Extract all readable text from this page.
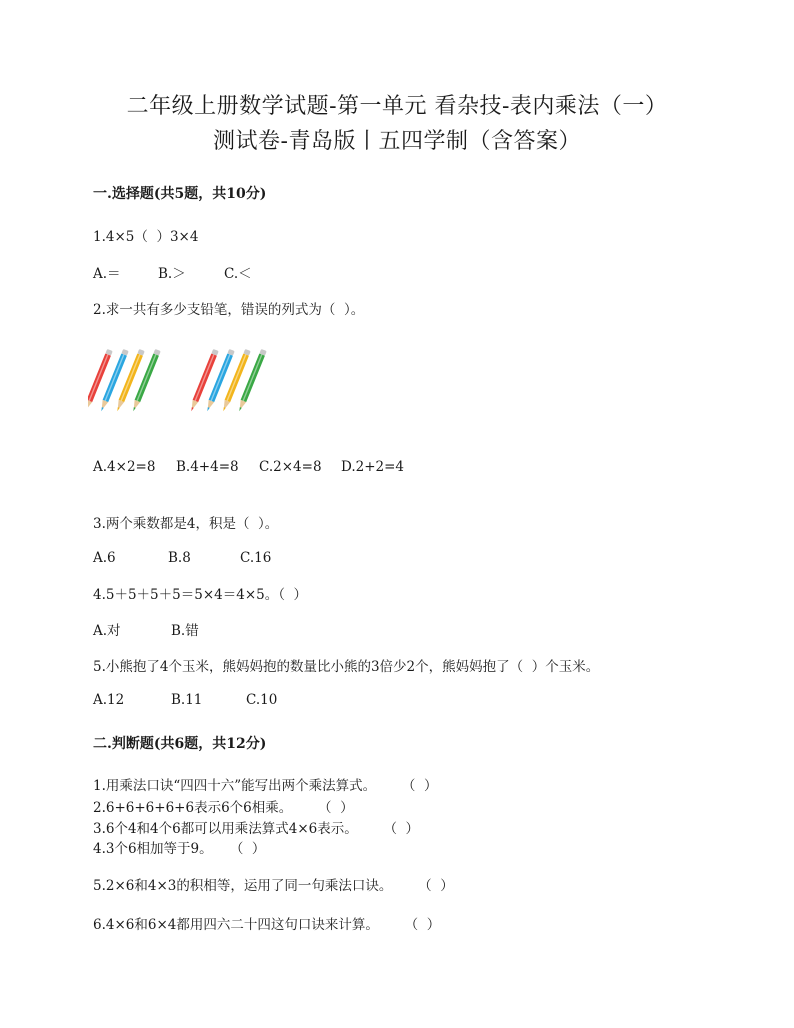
二年级上册数学试题-第一单元 看杂技-表内乘法（一）
测试卷-青岛版丨五四学制（含答案）
一.选择题(共5题，共10分)
1.4×5（  ）3×4
A.＝	B.＞	C.＜
2.求一共有多少支铅笔，错误的列式为（  ）。
A.4×2=8 B.4+4=8 C.2×4=8 D.2+2=4
3.两个乘数都是4，积是（  ）。
A.6	B.8	C.16
4.5＋5＋5＋5＝5×4＝4×5。（  ）
A.对	B.错
5.小熊抱了4个玉米，熊妈妈抱的数量比小熊的3倍少2个，熊妈妈抱了（  ）个玉米。
A.12	B.11	C.10
二.判断题(共6题，共12分)
1.用乘法口诀“四四十六”能写出两个乘法算式。      （  ）
2.6+6+6+6+6表示6个6相乘。      （  ）
3.6个4和4个6都可以用乘法算式4×6表示。      （  ）
4.3个6相加等于9。    （  ）
5.2×6和4×3的积相等，运用了同一句乘法口诀。      （  ）
6.4×6和6×4都用四六二十四这句口诀来计算。      （  ）
